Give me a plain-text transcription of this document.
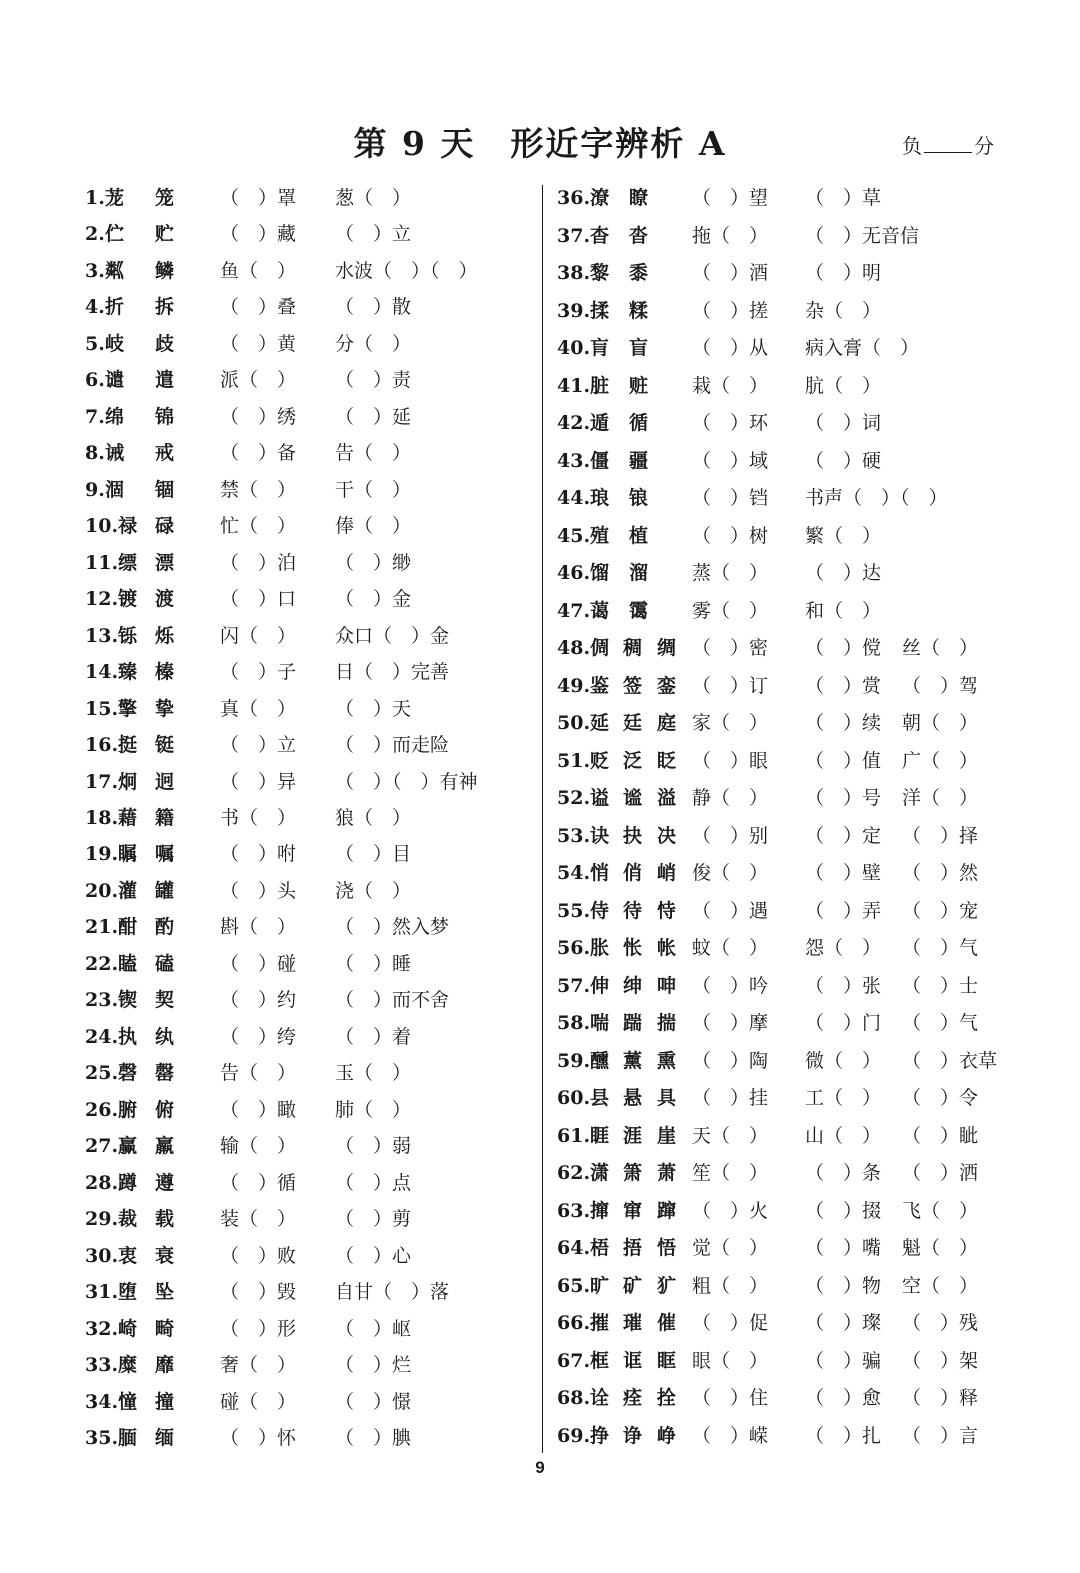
第 9 天　形近字辨析 A	负	分
1. 茏 笼 （　）罩 葱（　）
2. 伫 贮 （　）藏 （　）立
3. 粼 鳞 鱼（　） 水波（　）（　）
4. 折 拆 （　）叠 （　）散
5. 岐 歧 （　）黄 分（　）
6. 谴 遣 派（　） （　）责
7. 绵 锦 （　）绣 （　）延
8. 诫 戒 （　）备 告（　）
9. 涸 锢 禁（　） 干（　）
10. 禄 碌 忙（　） 俸（　）
11. 缥 漂 （　）泊 （　）缈
12. 镀 渡 （　）口 （　）金
13. 铄 烁 闪（　） 众口（　）金
14. 臻 榛 （　）子 日（　）完善
15. 擎 挚 真（　） （　）天
16. 挺 铤 （　）立 （　）而走险
17. 炯 迥 （　）异 （　）（　）有神
18. 藉 籍 书（　） 狼（　）
19. 瞩 嘱 （　）咐 （　）目
20. 灌 罐 （　）头 浇（　）
21. 酣 酌 斟（　） （　）然入梦
22. 瞌 磕 （　）碰 （　）睡
23. 锲 契 （　）约 （　）而不舍
24. 执 纨 （　）绔 （　）着
25. 磬 罄 告（　） 玉（　）
26. 腑 俯 （　）瞰 肺（　）
27. 赢 羸 输（　） （　）弱
28. 蹲 遵 （　）循 （　）点
29. 裁 载 装（　） （　）剪
30. 衷 衰 （　）败 （　）心
31. 堕 坠 （　）毁 自甘（　）落
32. 崎 畸 （　）形 （　）岖
33. 糜 靡 奢（　） （　）烂
34. 憧 撞 碰（　） （　）憬
35. 腼 缅 （　）怀 （　）腆
36. 潦 瞭 （　）望 （　）草
37. 杳 沓 拖（　） （　）无音信
38. 黎 黍 （　）酒 （　）明
39. 揉 糅 （　）搓 杂（　）
40. 肓 盲 （　）从 病入膏（　）
41. 脏 赃 栽（　） 肮（　）
42. 遁 循 （　）环 （　）词
43. 僵 疆 （　）域 （　）硬
44. 琅 锒 （　）铛 书声（　）（　）
45. 殖 植 （　）树 繁（　）
46. 馏 溜 蒸（　） （　）达
47. 蔼 霭 雾（　） 和（　）
48. 倜 稠 绸 （　）密 （　）傥 丝（　）
49. 鉴 签 銮 （　）订 （　）赏 （　）驾
50. 延 廷 庭 家（　） （　）续 朝（　）
51. 贬 泛 眨 （　）眼 （　）值 广（　）
52. 谥 谧 溢 静（　） （　）号 洋（　）
53. 诀 抉 决 （　）别 （　）定 （　）择
54. 悄 俏 峭 俊（　） （　）壁 （　）然
55. 侍 待 恃 （　）遇 （　）弄 （　）宠
56. 胀 怅 帐 蚊（　） 怨（　） （　）气
57. 伸 绅 呻 （　）吟 （　）张 （　）士
58. 喘 踹 揣 （　）摩 （　）门 （　）气
59. 醺 薰 熏 （　）陶 微（　） （　）衣草
60. 县 悬 具 （　）挂 工（　） （　）令
61. 睚 涯 崖 天（　） 山（　） （　）眦
62. 潇 箫 萧 笙（　） （　）条 （　）洒
63. 撺 窜 蹿 （　）火 （　）掇 飞（　）
64. 梧 捂 悟 觉（　） （　）嘴 魁（　）
65. 旷 矿 犷 粗（　） （　）物 空（　）
66. 摧 璀 催 （　）促 （　）璨 （　）残
67. 框 诓 眶 眼（　） （　）骗 （　）架
68. 诠 痊 拴 （　）住 （　）愈 （　）释
69. 挣 诤 峥 （　）嵘 （　）扎 （　）言
9
